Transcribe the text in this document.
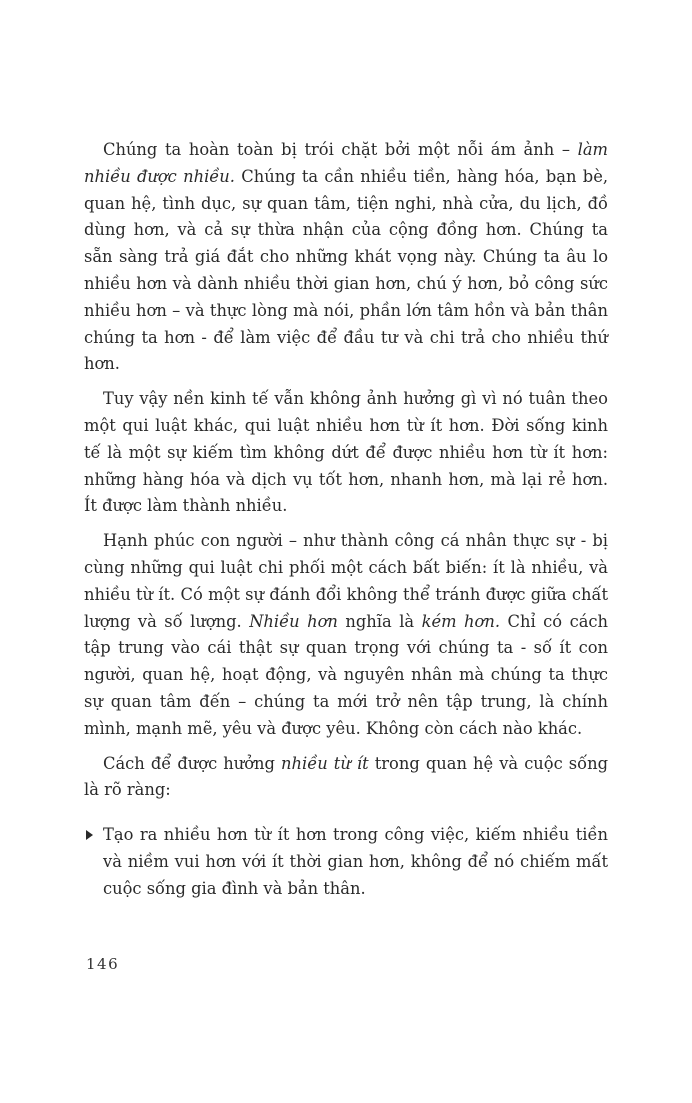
Chúng ta hoàn toàn bị trói chặt bởi một nỗi ám ảnh – làm nhiều được nhiều. Chúng ta cần nhiều tiền, hàng hóa, bạn bè, quan hệ, tình dục, sự quan tâm, tiện nghi, nhà cửa, du lịch, đồ dùng hơn, và cả sự thừa nhận của cộng đồng hơn. Chúng ta sẵn sàng trả giá đắt cho những khát vọng này. Chúng ta âu lo nhiều hơn và dành nhiều thời gian hơn, chú ý hơn, bỏ công sức nhiều hơn – và thực lòng mà nói, phần lớn tâm hồn và bản thân chúng ta hơn - để làm việc để đầu tư và chi trả cho nhiều thứ hơn.

Tuy vậy nền kinh tế vẫn không ảnh hưởng gì vì nó tuân theo một qui luật khác, qui luật nhiều hơn từ ít hơn. Đời sống kinh tế là một sự kiếm tìm không dứt để được nhiều hơn từ ít hơn: những hàng hóa và dịch vụ tốt hơn, nhanh hơn, mà lại rẻ hơn. Ít được làm thành nhiều.

Hạnh phúc con người – như thành công cá nhân thực sự - bị cùng những qui luật chi phối một cách bất biến: ít là nhiều, và nhiều từ ít. Có một sự đánh đổi không thể tránh được giữa chất lượng và số lượng. Nhiều hơn nghĩa là kém hơn. Chỉ có cách tập trung vào cái thật sự quan trọng với chúng ta - số ít con người, quan hệ, hoạt động, và nguyên nhân mà chúng ta thực sự quan tâm đến – chúng ta mới trở nên tập trung, là chính mình, mạnh mẽ, yêu và được yêu. Không còn cách nào khác.

Cách để được hưởng nhiều từ ít trong quan hệ và cuộc sống là rõ ràng:

Tạo ra nhiều hơn từ ít hơn trong công việc, kiếm nhiều tiền và niềm vui hơn với ít thời gian hơn, không để nó chiếm mất cuộc sống gia đình và bản thân.
146
